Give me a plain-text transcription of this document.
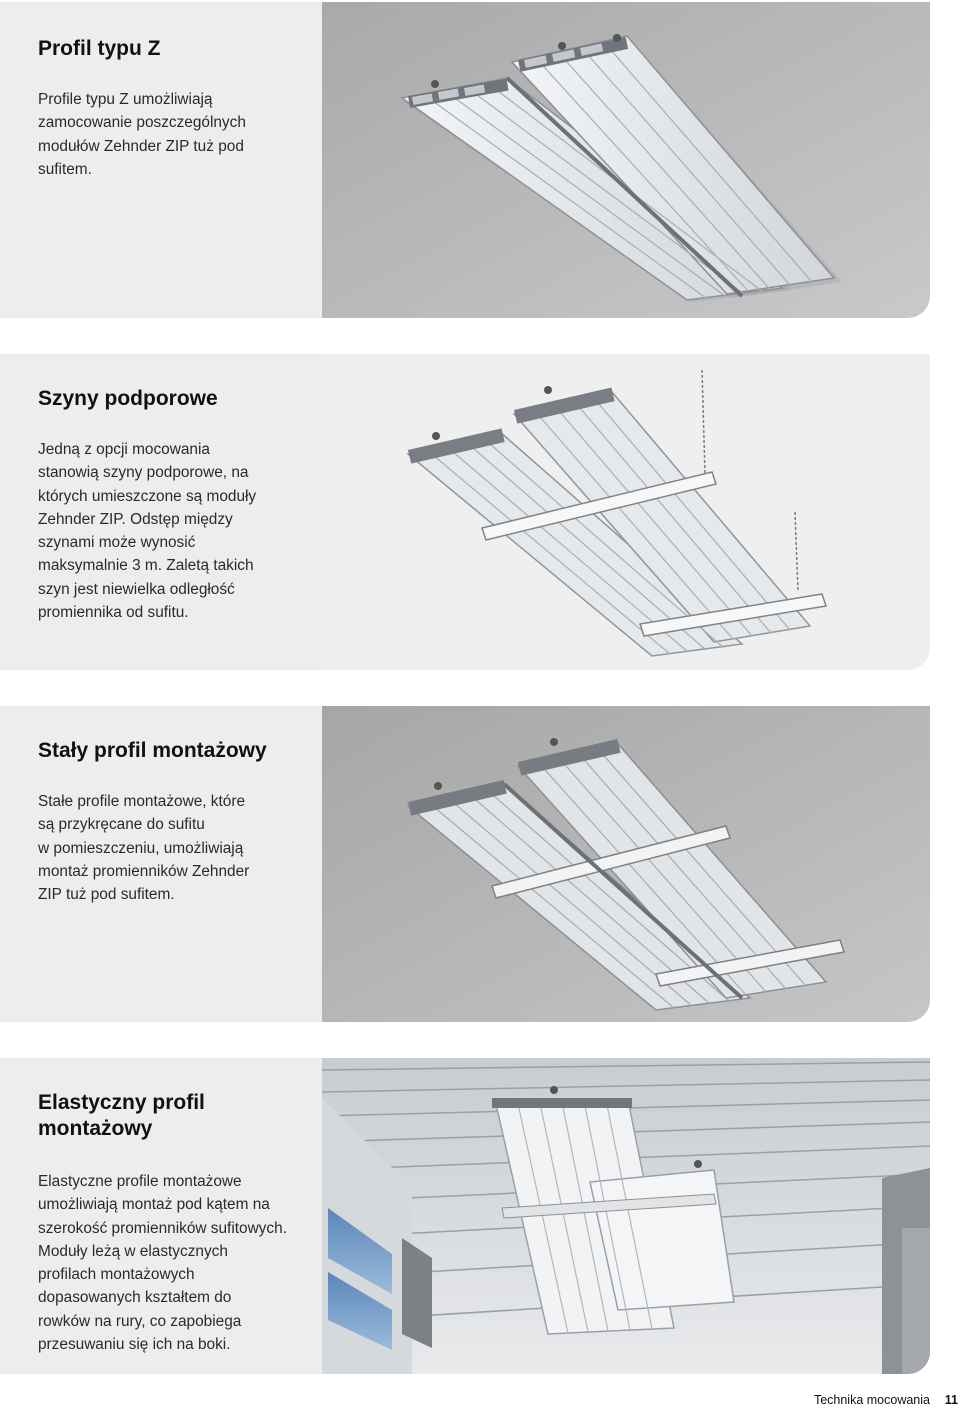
Profil typu Z

Profile typu Z umożliwiają
zamocowanie poszczególnych
modułów Zehnder ZIP tuż pod
sufitem.

Szyny podporowe

Jedną z opcji mocowania
stanowią szyny podporowe, na
których umieszczone są moduły
Zehnder ZIP. Odstęp między
szynami może wynosić
maksymalnie 3 m. Zaletą takich
szyn jest niewielka odległość
promiennika od sufitu.

Stały profil montażowy

Stałe profile montażowe, które
są przykręcane do sufitu
w pomieszczeniu, umożliwiają
montaż promienników Zehnder
ZIP tuż pod sufitem.

Elastyczny profil
montażowy

Elastyczne profile montażowe
umożliwiają montaż pod kątem na
szerokość promienników sufitowych.
Moduły leżą w elastycznych
profilach montażowych
dopasowanych kształtem do
rowków na rury, co zapobiega
przesuwaniu się ich na boki.

Technika mocowania 11
